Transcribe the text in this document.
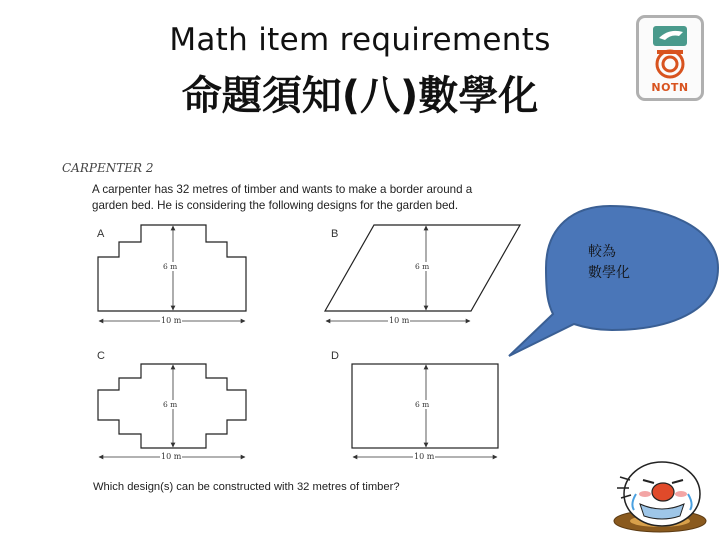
Math item requirements
命題須知(八)數學化	NOTN
CARPENTER 2
A carpenter has 32 metres of timber and wants to make a border around a
garden bed. He is considering the following designs for the garden bed.
A	B
C	D
6 m
10 m
6 m
10 m
6 m
10 m
6 m
10 m
Which design(s) can be constructed with 32 metres of timber?
較為
數學化
